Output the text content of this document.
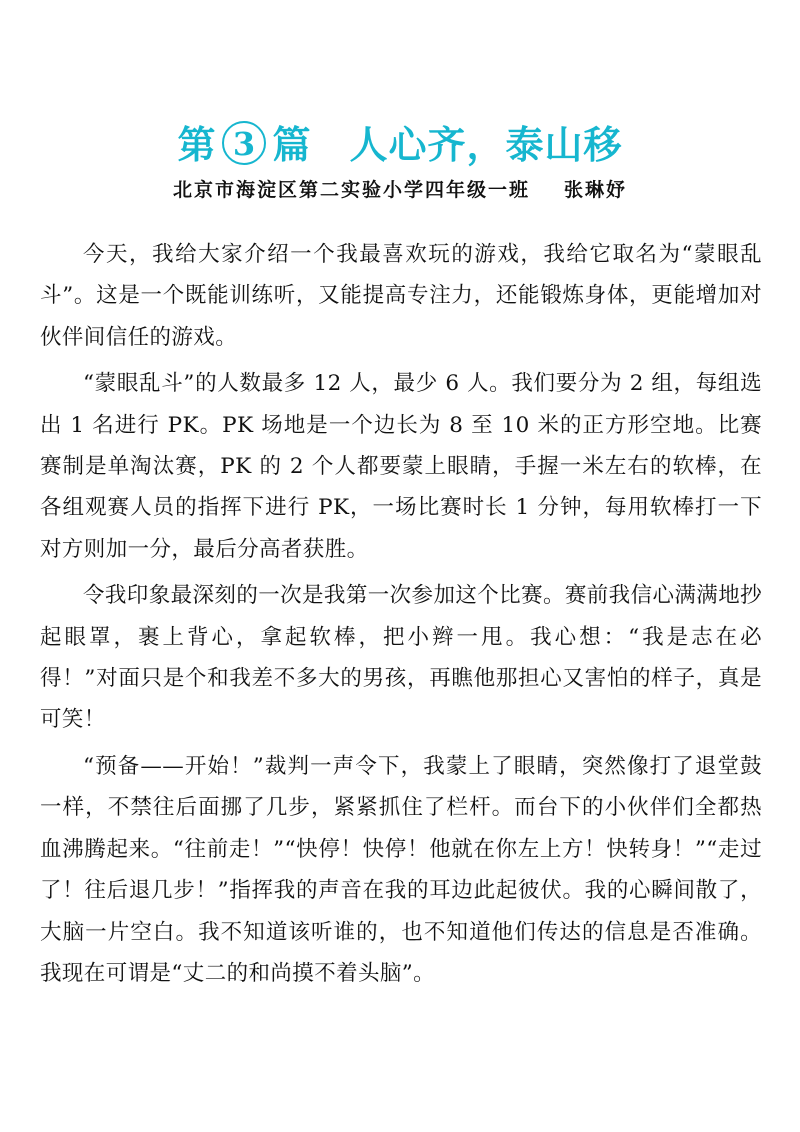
第 3 篇 人心齐，泰山移
北京市海淀区第二实验小学四年级一班 张琳妤

今天，我给大家介绍一个我最喜欢玩的游戏，我给它取名为“蒙眼乱斗”。这是一个既能训练听，又能提高专注力，还能锻炼身体，更能增加对伙伴间信任的游戏。

“蒙眼乱斗”的人数最多 12 人，最少 6 人。我们要分为 2 组，每组选出 1 名进行 PK。PK 场地是一个边长为 8 至 10 米的正方形空地。比赛赛制是单淘汰赛，PK 的 2 个人都要蒙上眼睛，手握一米左右的软棒，在各组观赛人员的指挥下进行 PK，一场比赛时长 1 分钟，每用软棒打一下对方则加一分，最后分高者获胜。

令我印象最深刻的一次是我第一次参加这个比赛。赛前我信心满满地抄起眼罩，裹上背心，拿起软棒，把小辫一甩。我心想：“我是志在必得！”对面只是个和我差不多大的男孩，再瞧他那担心又害怕的样子，真是可笑！

“预备——开始！”裁判一声令下，我蒙上了眼睛，突然像打了退堂鼓一样，不禁往后面挪了几步，紧紧抓住了栏杆。而台下的小伙伴们全都热血沸腾起来。“往前走！”“快停！快停！他就在你左上方！快转身！”“走过了！往后退几步！”指挥我的声音在我的耳边此起彼伏。我的心瞬间散了，大脑一片空白。我不知道该听谁的，也不知道他们传达的信息是否准确。我现在可谓是“丈二的和尚摸不着头脑”。
